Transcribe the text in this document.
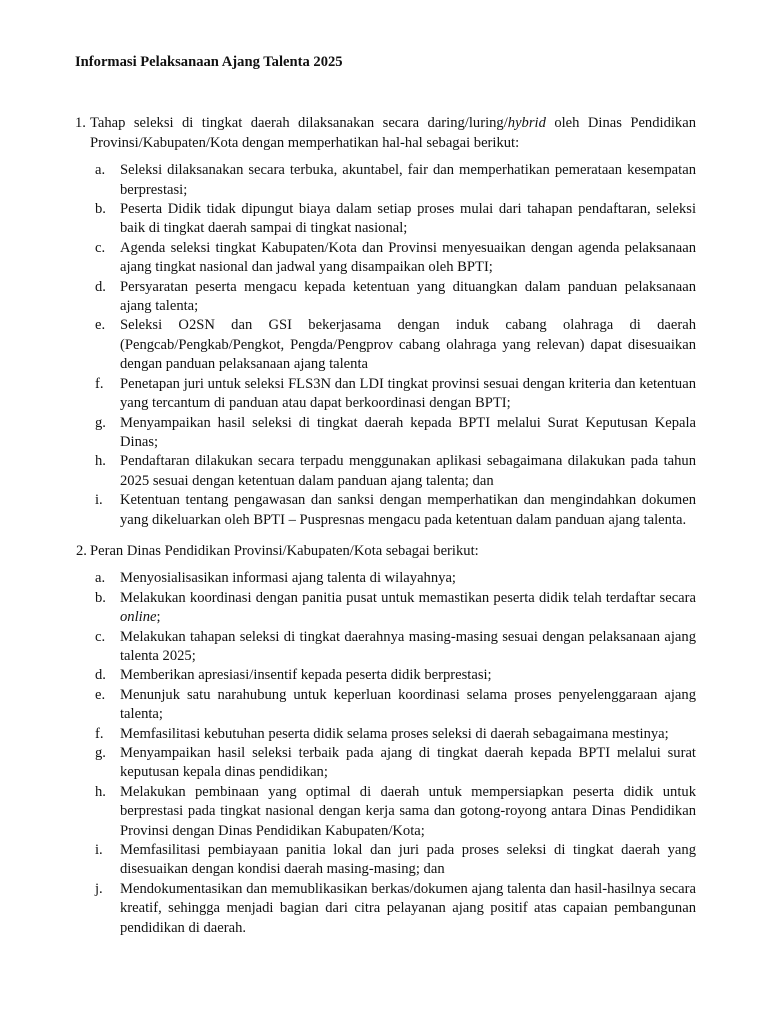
Informasi Pelaksanaan Ajang Talenta 2025
1. Tahap seleksi di tingkat daerah dilaksanakan secara daring/luring/hybrid oleh Dinas Pendidikan Provinsi/Kabupaten/Kota dengan memperhatikan hal-hal sebagai berikut:
a. Seleksi dilaksanakan secara terbuka, akuntabel, fair dan memperhatikan pemerataan kesempatan berprestasi;
b. Peserta Didik tidak dipungut biaya dalam setiap proses mulai dari tahapan pendaftaran, seleksi baik di tingkat daerah sampai di tingkat nasional;
c. Agenda seleksi tingkat Kabupaten/Kota dan Provinsi menyesuaikan dengan agenda pelaksanaan ajang tingkat nasional dan jadwal yang disampaikan oleh BPTI;
d. Persyaratan peserta mengacu kepada ketentuan yang dituangkan dalam panduan pelaksanaan ajang talenta;
e. Seleksi O2SN dan GSI bekerjasama dengan induk cabang olahraga di daerah (Pengcab/Pengkab/Pengkot, Pengda/Pengprov cabang olahraga yang relevan) dapat disesuaikan dengan panduan pelaksanaan ajang talenta
f. Penetapan juri untuk seleksi FLS3N dan LDI tingkat provinsi sesuai dengan kriteria dan ketentuan yang tercantum di panduan atau dapat berkoordinasi dengan BPTI;
g. Menyampaikan hasil seleksi di tingkat daerah kepada BPTI melalui Surat Keputusan Kepala Dinas;
h. Pendaftaran dilakukan secara terpadu menggunakan aplikasi sebagaimana dilakukan pada tahun 2025 sesuai dengan ketentuan dalam panduan ajang talenta; dan
i. Ketentuan tentang pengawasan dan sanksi dengan memperhatikan dan mengindahkan dokumen yang dikeluarkan oleh BPTI – Puspresnas mengacu pada ketentuan dalam panduan ajang talenta.
2. Peran Dinas Pendidikan Provinsi/Kabupaten/Kota sebagai berikut:
a. Menyosialisasikan informasi ajang talenta di wilayahnya;
b. Melakukan koordinasi dengan panitia pusat untuk memastikan peserta didik telah terdaftar secara online;
c. Melakukan tahapan seleksi di tingkat daerahnya masing-masing sesuai dengan pelaksanaan ajang talenta 2025;
d. Memberikan apresiasi/insentif kepada peserta didik berprestasi;
e. Menunjuk satu narahubung untuk keperluan koordinasi selama proses penyelenggaraan ajang talenta;
f. Memfasilitasi kebutuhan peserta didik selama proses seleksi di daerah sebagaimana mestinya;
g. Menyampaikan hasil seleksi terbaik pada ajang di tingkat daerah kepada BPTI melalui surat keputusan kepala dinas pendidikan;
h. Melakukan pembinaan yang optimal di daerah untuk mempersiapkan peserta didik untuk berprestasi pada tingkat nasional dengan kerja sama dan gotong-royong antara Dinas Pendidikan Provinsi dengan Dinas Pendidikan Kabupaten/Kota;
i. Memfasilitasi pembiayaan panitia lokal dan juri pada proses seleksi di tingkat daerah yang disesuaikan dengan kondisi daerah masing-masing; dan
j. Mendokumentasikan dan memublikasikan berkas/dokumen ajang talenta dan hasil-hasilnya secara kreatif, sehingga menjadi bagian dari citra pelayanan ajang positif atas capaian pembangunan pendidikan di daerah.
